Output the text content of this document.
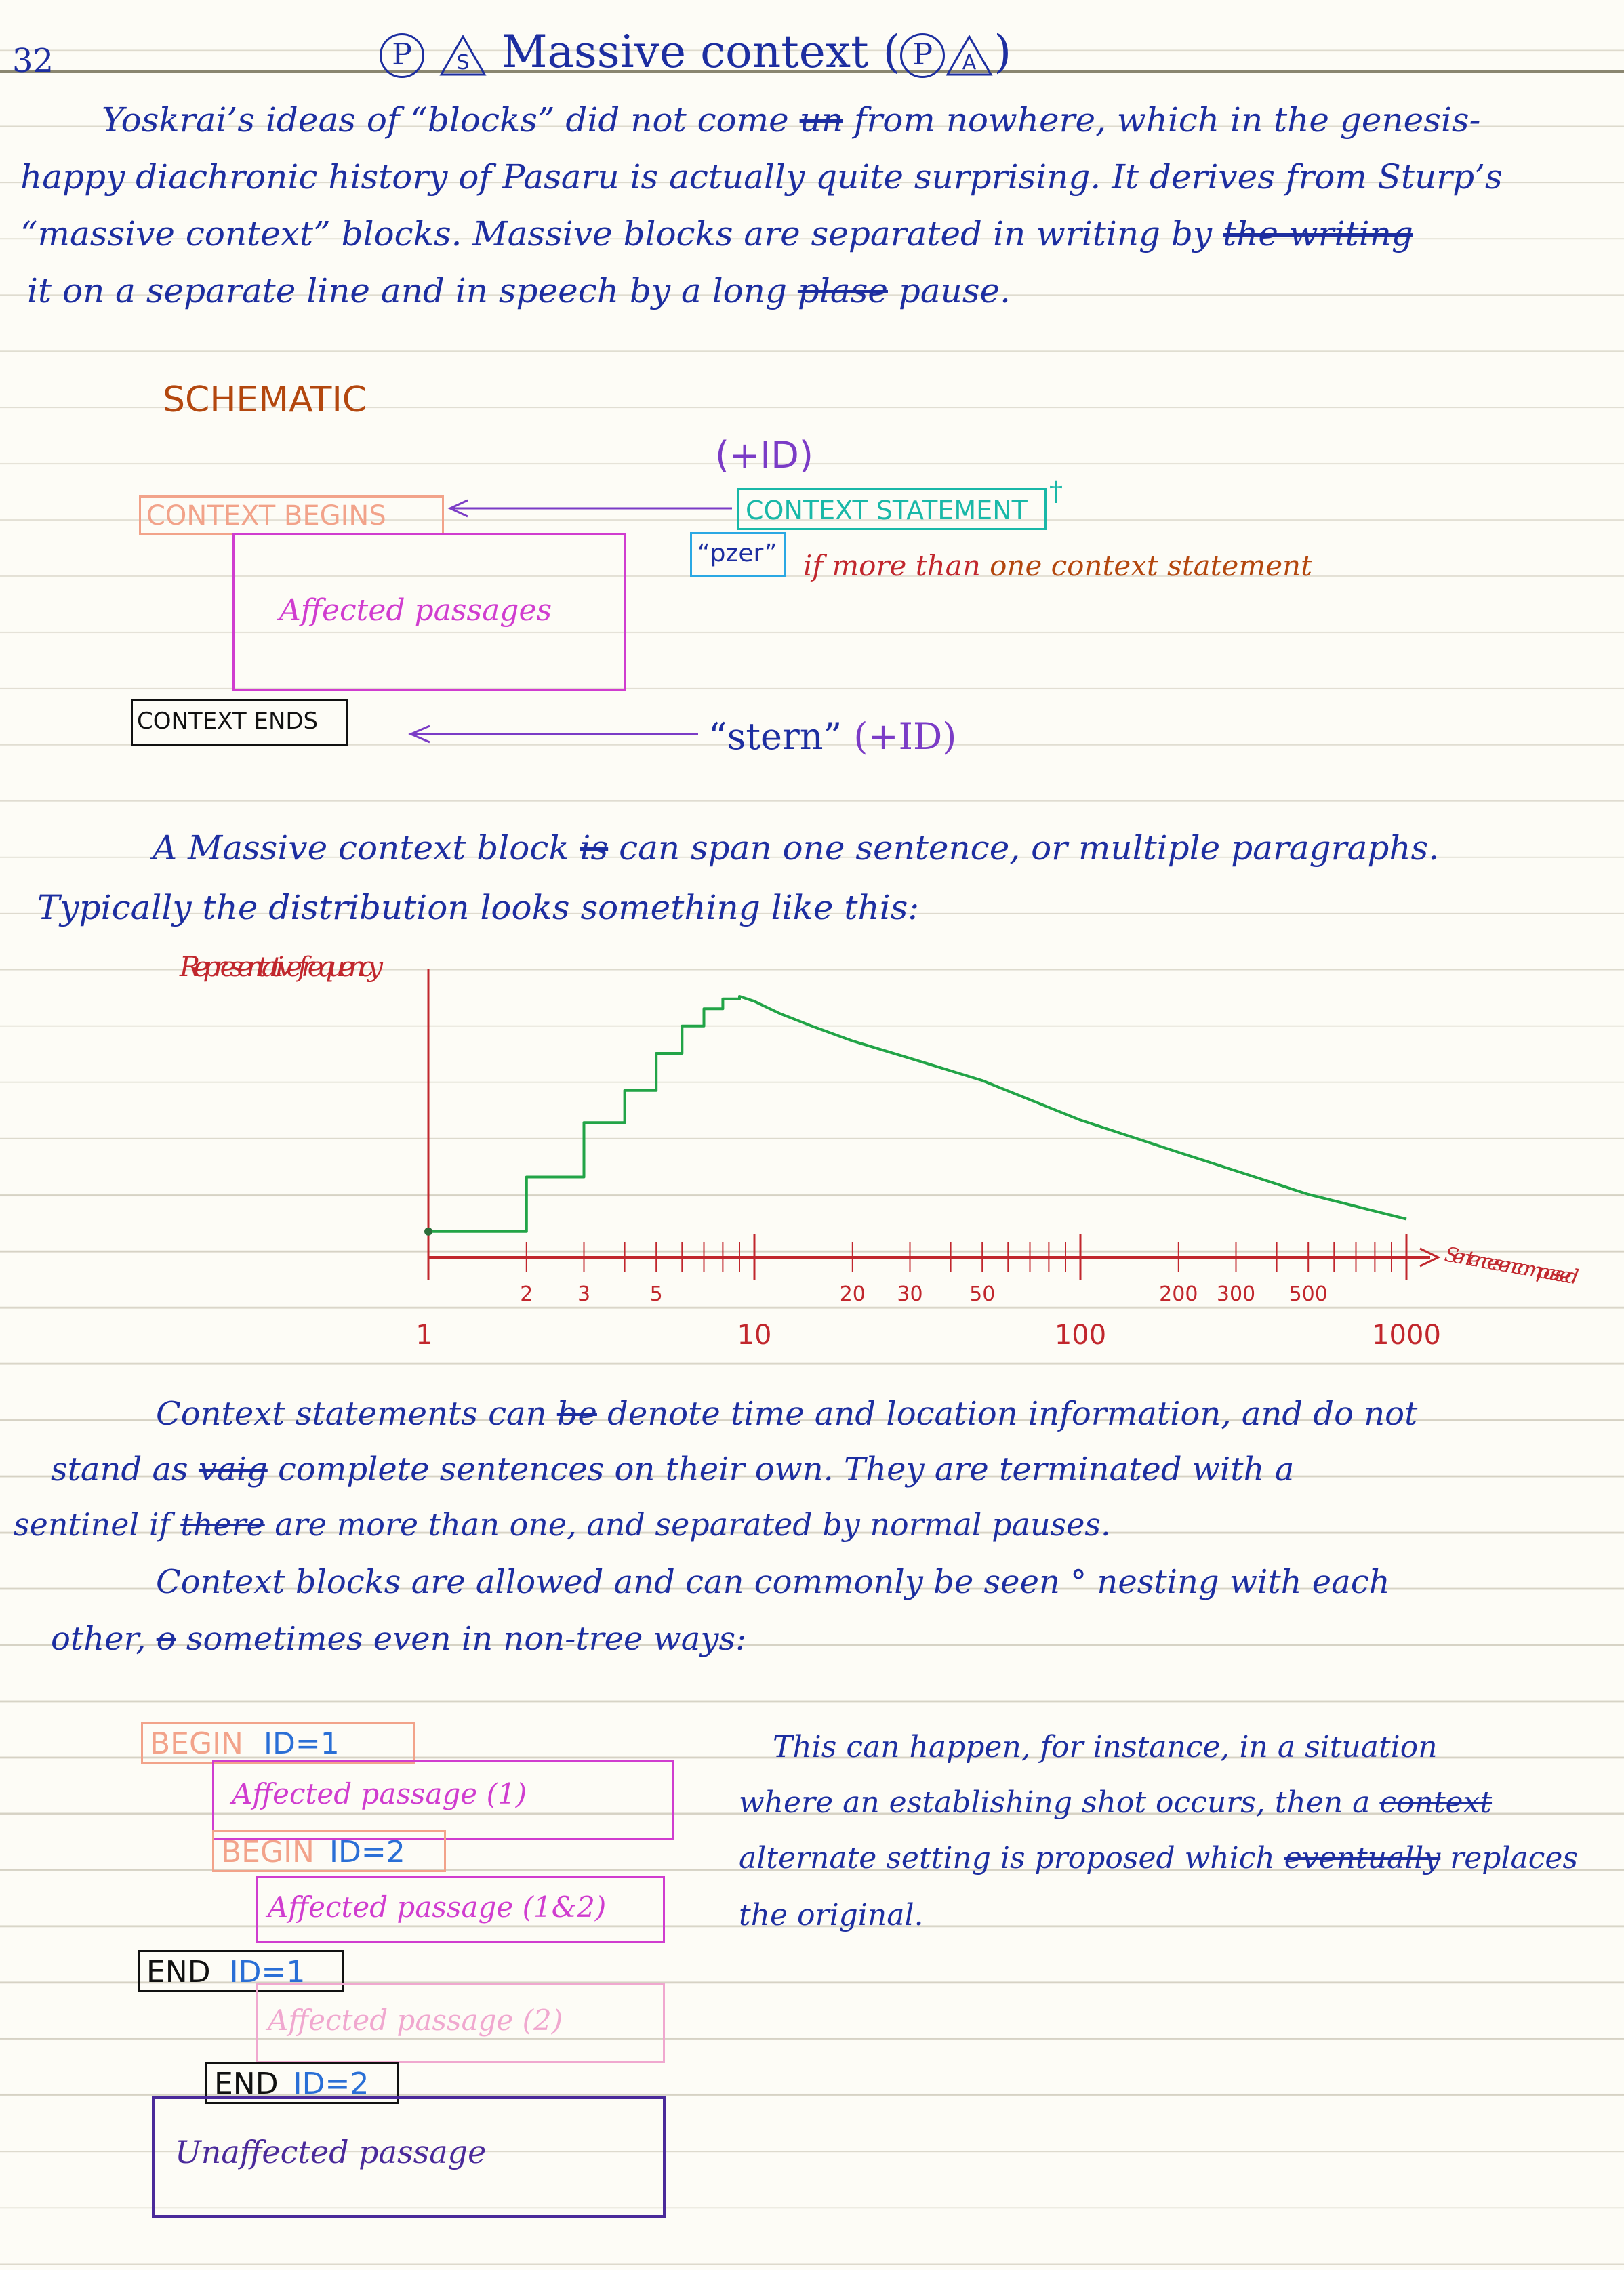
32	P S Massive context ( P A )
Yoskrai’s ideas of “blocks” did not come un from nowhere, which in the genesis-
happy diachronic history of Pasaru is actually quite surprising. It derives from Sturp’s
“massive context” blocks. Massive blocks are separated in writing by the writing
it on a separate line and in speech by a long plase pause.
SCHEMATIC
(+ID)
CONTEXT BEGINS
Affected passages
CONTEXT ENDS
CONTEXT STATEMENT
†
“pzer” if more than one context statement
“stern” (+ID)
A Massive context block is can span one sentence, or multiple paragraphs.
Typically the distribution looks something like this:
2 3	5	20 30 50	200 300 500
1	10	100	1000
Representative frequency
Sentences encompassed
Context statements can be denote time and location information, and do not
stand as vaig complete sentences on their own. They are terminated with a
sentinel if there are more than one, and separated by normal pauses.
Context blocks are allowed and can commonly be seen ° nesting with each
other, o sometimes even in non-tree ways:
BEGIN ID=1
Affected passage (1)
BEGIN ID=2
Affected passage (1&2)
END ID=1
Affected passage (2)
END ID=2
Unaffected passage
This can happen, for instance, in a situation
where an establishing shot occurs, then a context
alternate setting is proposed which eventually replaces
the original.
